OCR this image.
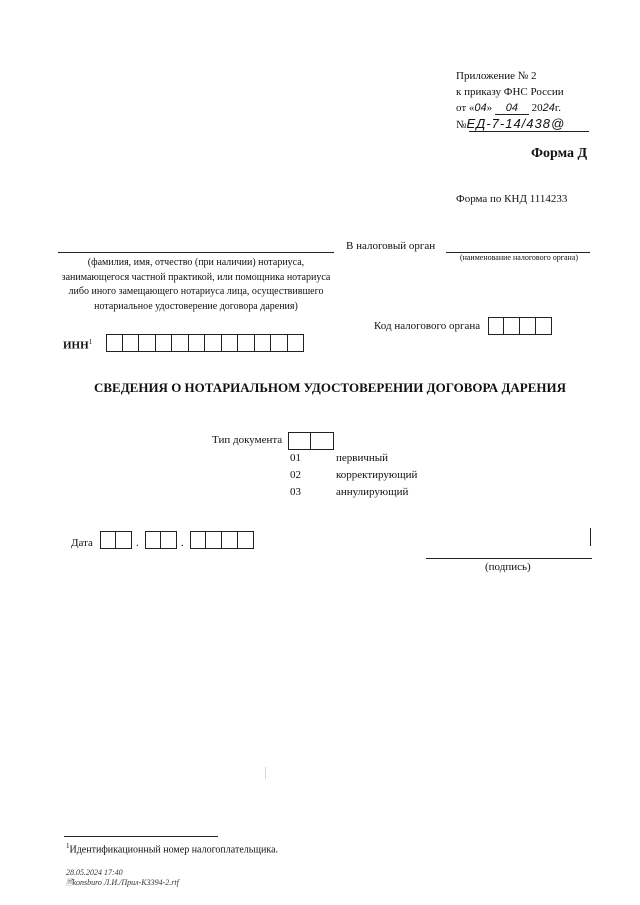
Приложение № 2
к приказу ФНС России
от «04» 04 2024г.
№ЕД-7-14/438@
Форма Д
Форма по КНД 1114233
(фамилия, имя, отчество (при наличии) нотариуса, занимающегося частной практикой, или помощника нотариуса либо иного замещающего нотариуса лица, осуществившего нотариальное удостоверение договора дарения)
В налоговый орган
(наименование налогового органа)
Код налогового органа
ИНН$^1$
СВЕДЕНИЯ О НОТАРИАЛЬНОМ УДОСТОВЕРЕНИИ ДОГОВОРА ДАРЕНИЯ
Тип документа
01
02
03
первичный
корректирующий
аннулирующий
Дата	.	.
(подпись)
$^1$Идентификационный номер налогоплательщика.
28.05.2024 17:40
🗎konsburo Л.И./Прил-К3394-2.rtf
